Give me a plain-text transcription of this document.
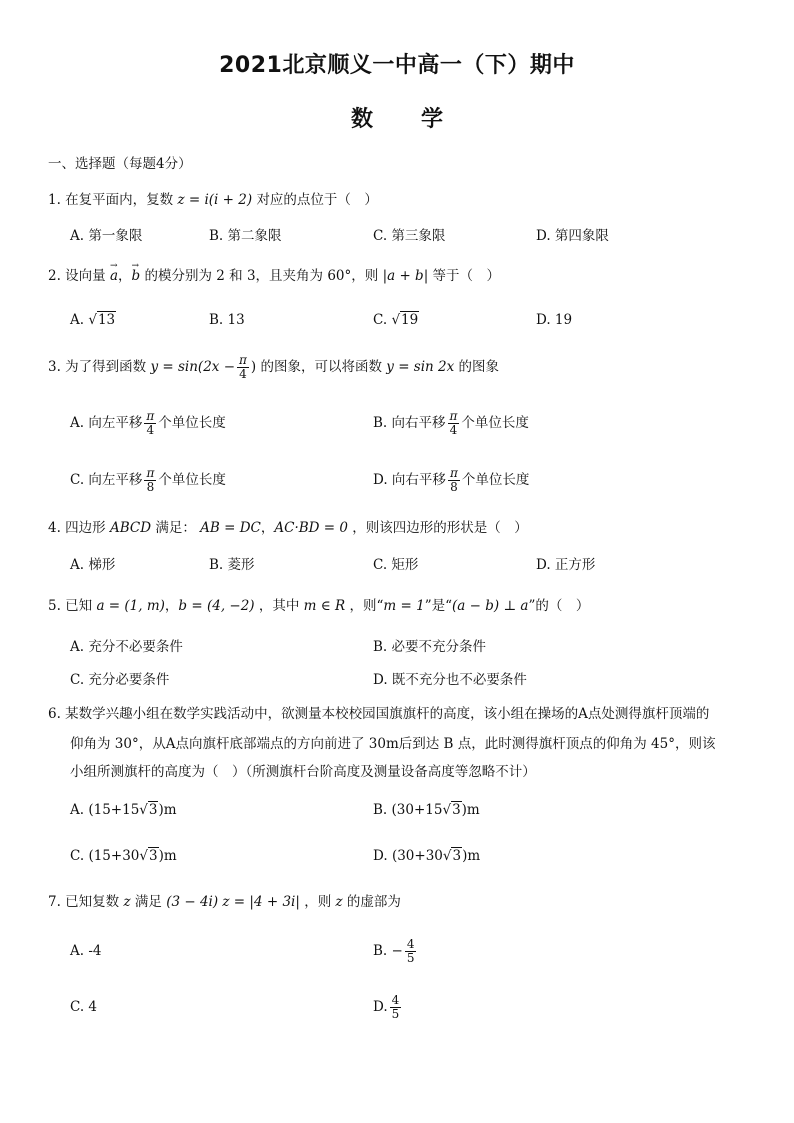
2021北京顺义一中高一（下）期中
数 学
一、选择题（每题4分）
1. 在复平面内，复数 z = i(i + 2) 对应的点位于（　）
A. 第一象限	B. 第二象限	C. 第三象限	D. 第四象限
2. 设向量 → a，→ b 的模分别为 2 和 3，且夹角为 60°，则 |a + b| 等于（　）
A. √13	B. 13	C. √19	D. 19
3. 为了得到函数 $y = \sin(2x - \frac{\pi}{4}$ ) 的图象，可以将函数 y = sin 2x 的图象
A. 向左平移 $\frac{\pi}{4}$ 个单位长度	B. 向右平移 $\frac{\pi}{4}$ 个单位长度
C. 向左平移 $\frac{\pi}{8}$ 个单位长度	D. 向右平移 $\frac{\pi}{8}$ 个单位长度
4. 四边形 ABCD 满足： AB = DC，AC·BD = 0 ，则该四边形的形状是（　）
A. 梯形	B. 菱形	C. 矩形	D. 正方形
5. 已知 a = (1, m)，b = (4, −2) ，其中 m ∈ R ，则“m = 1”是“(a − b) ⊥ a”的（　）
A. 充分不必要条件	B. 必要不充分条件
C. 充分必要条件	D. 既不充分也不必要条件
6. 某数学兴趣小组在数学实践活动中，欲测量本校校园国旗旗杆的高度，该小组在操场的A点处测得旗杆顶端的
仰角为 30°，从A点向旗杆底部端点的方向前进了 30m后到达 B 点，此时测得旗杆顶点的仰角为 45°，则该
小组所测旗杆的高度为（　）（所测旗杆台阶高度及测量设备高度等忽略不计）
A. (15+15√3)m	B. (30+15√3)m
C. (15+30√3)m	D. (30+30√3)m
7. 已知复数 z 满足 (3 − 4i) z = |4 + 3i| ，则 z 的虚部为
A. -4	B. − $\frac{4}{5}$
C. 4	D. $\frac{4}{5}$
